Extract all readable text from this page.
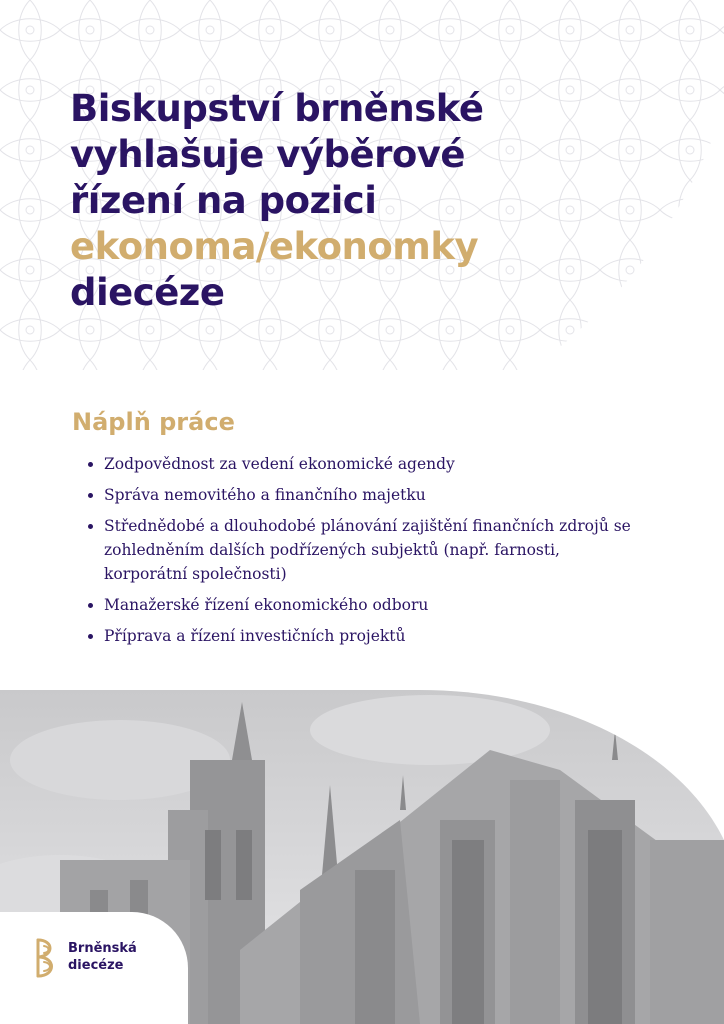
Biskupství brněnské
vyhlašuje výběrové
řízení na pozici
ekonoma/ekonomky
diecéze
Náplň práce
Zodpovědnost za vedení ekonomické agendy
Správa nemovitého a finančního majetku
Střednědobé a dlouhodobé plánování zajištění finančních zdrojů se zohledněním dalších podřízených subjektů (např. farnosti, korporátní společnosti)
Manažerské řízení ekonomického odboru
Příprava a řízení investičních projektů
Brněnská
diecéze
